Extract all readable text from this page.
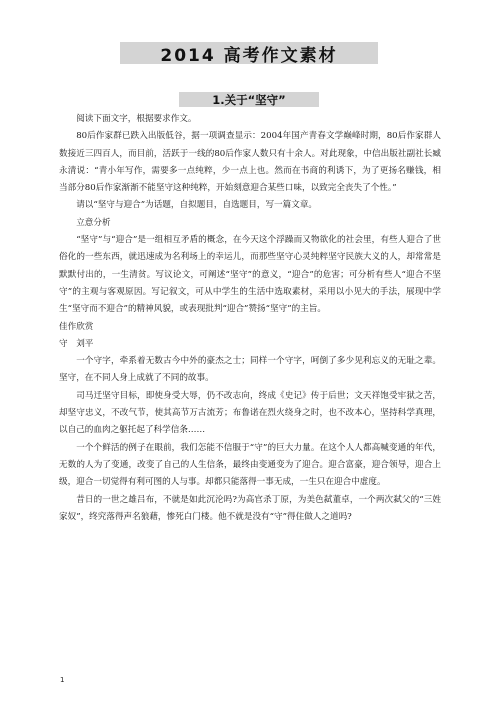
2014 高考作文素材
1.关于“坚守”

阅读下面文字，根据要求作文。

80后作家群已跌入出版低谷，据一项调查显示：2004年国产青春文学巅峰时期，80后作家群人数接近三四百人，而目前，活跃于一线的80后作家人数只有十余人。对此现象，中信出版社副社长臧永清说：“青小年写作，需要多一点纯粹，少一点上也。然而在书商的利诱下，为了更扬名赚钱，相当部分80后作家渐渐不能坚守这种纯粹，开始刻意迎合某些口味，以致完全丧失了个性。”

请以“坚守与迎合”为话题，自拟题目，自选题目，写一篇文章。

立意分析

“坚守”与“迎合”是一组相互矛盾的概念，在今天这个浮躁而又物欲化的社会里，有些人迎合了世俗化的一些东西，就迅速成为名利场上的幸运儿，而那些坚守心灵纯粹坚守民族大义的人，却常常是默默付出的，一生清贫。写议论文，可阐述“坚守”的意义，“迎合”的危害；可分析有些人“迎合不坚守”的主观与客观原因。写记叙文，可从中学生的生活中选取素材，采用以小见大的手法，展现中学生“坚守而不迎合”的精神风貌，或表现批判“迎合”赞扬“坚守”的主旨。

佳作欣赏

守　刘平

一个守字，牵系着无数古今中外的豪杰之士；同样一个守字，呵倒了多少见利忘义的无耻之辈。坚守，在不同人身上成就了不同的故事。

司马迁坚守目标，即使身受大辱，仍不改志向，终成《史记》传于后世；文天祥饱受牢狱之苦，却坚守忠义，不改气节，使其高节万古流芳；布鲁诺在烈火绕身之时，也不改本心，坚持科学真理，以自己的血肉之躯托起了科学信条……

一个个鲜活的例子在眼前，我们怎能不信服于“守”的巨大力量。在这个人人都高喊变通的年代，无数的人为了变通，改变了自己的人生信条，最终由变通变为了迎合。迎合富豪，迎合领导，迎合上级，迎合一切觉得有利可图的人与事。却都只能落得一事无成，一生只在迎合中虚度。

昔日的一世之雄吕布，不就是如此沉沦吗?为高官杀丁原，为美色弑董卓，一个两次弑父的“三姓家奴”，终究落得声名狼藉，惨死白门楼。他不就是没有“守”得住做人之道吗?

1
